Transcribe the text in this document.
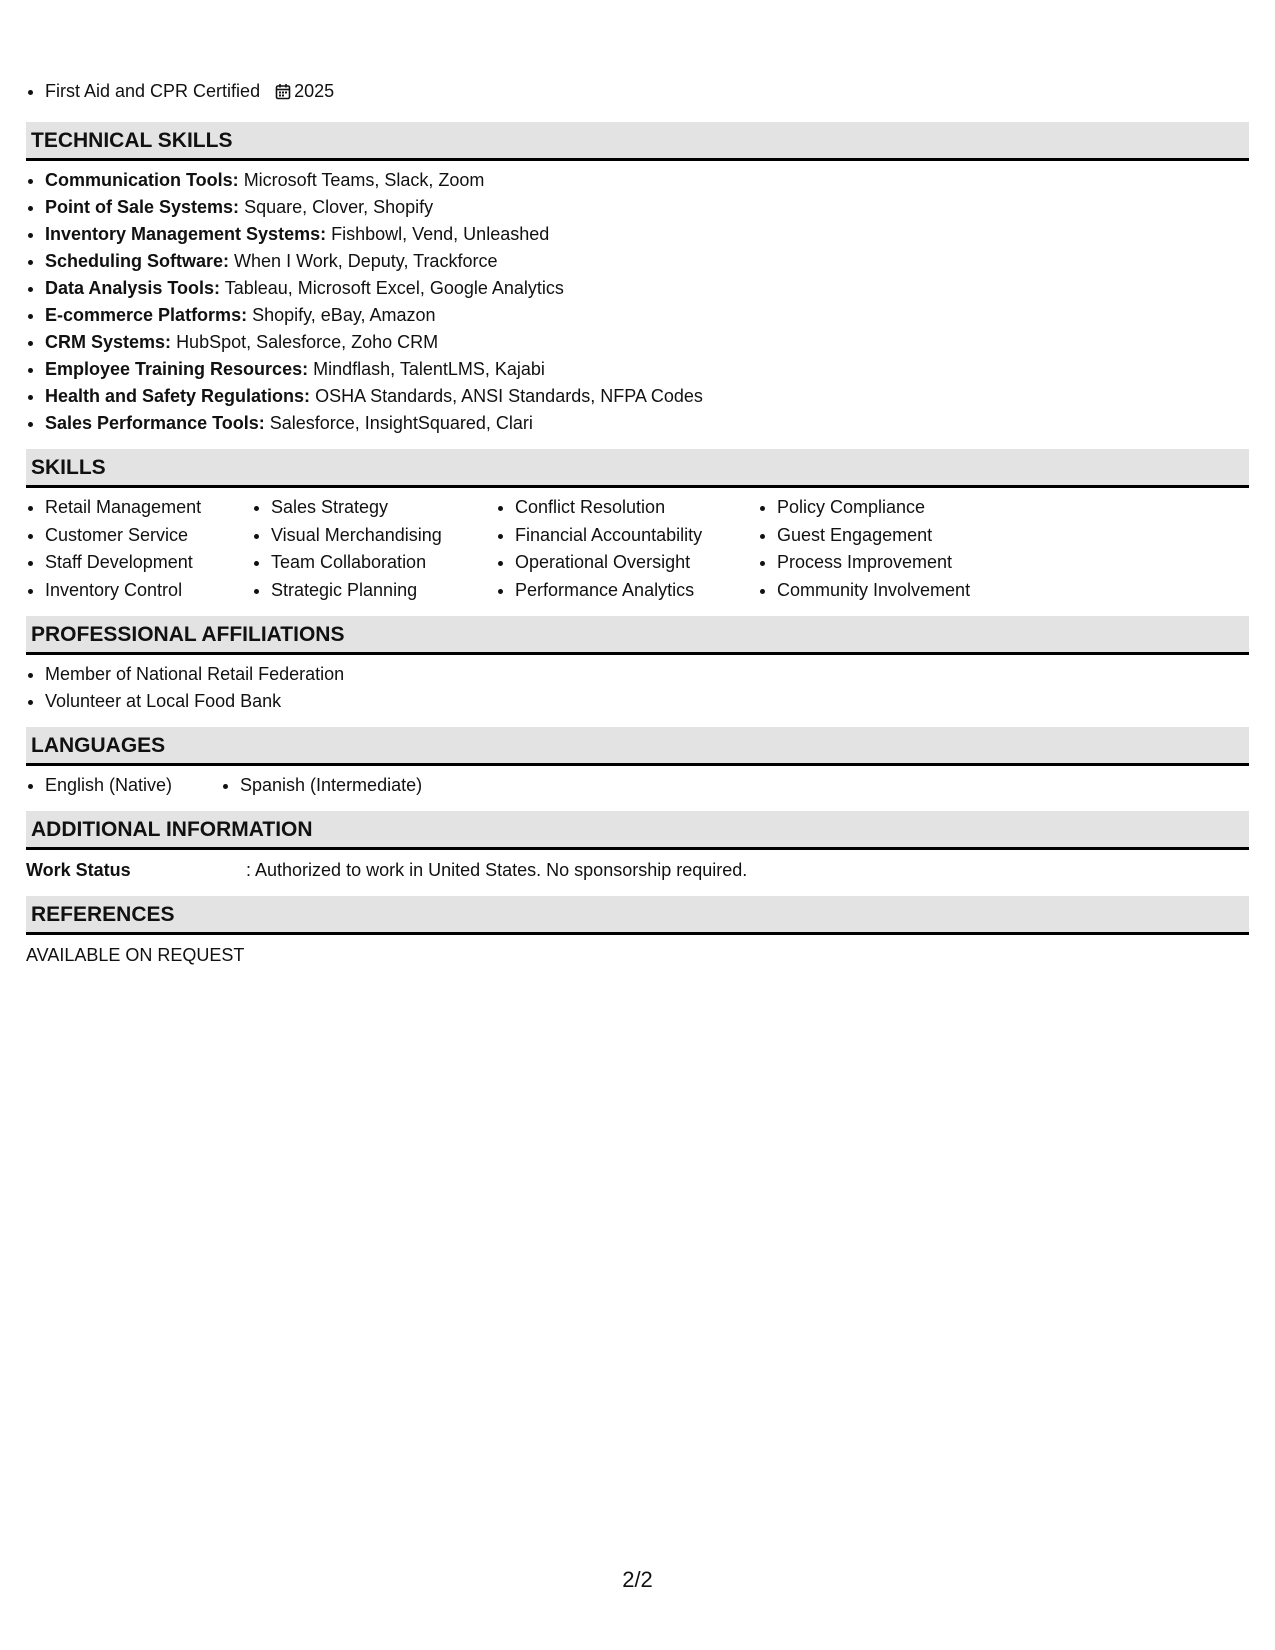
• First Aid and CPR Certified 2025
TECHNICAL SKILLS
• Communication Tools: Microsoft Teams, Slack, Zoom
• Point of Sale Systems: Square, Clover, Shopify
• Inventory Management Systems: Fishbowl, Vend, Unleashed
• Scheduling Software: When I Work, Deputy, Trackforce
• Data Analysis Tools: Tableau, Microsoft Excel, Google Analytics
• E-commerce Platforms: Shopify, eBay, Amazon
• CRM Systems: HubSpot, Salesforce, Zoho CRM
• Employee Training Resources: Mindflash, TalentLMS, Kajabi
• Health and Safety Regulations: OSHA Standards, ANSI Standards, NFPA Codes
• Sales Performance Tools: Salesforce, InsightSquared, Clari
SKILLS
• Retail Management
• Customer Service
• Staff Development
• Inventory Control
• Sales Strategy
• Visual Merchandising
• Team Collaboration
• Strategic Planning
• Conflict Resolution
• Financial Accountability
• Operational Oversight
• Performance Analytics
• Policy Compliance
• Guest Engagement
• Process Improvement
• Community Involvement
PROFESSIONAL AFFILIATIONS
• Member of National Retail Federation
• Volunteer at Local Food Bank
LANGUAGES
• English (Native)
•	Spanish (Intermediate)
ADDITIONAL INFORMATION
Work Status	: Authorized to work in United States. No sponsorship required.
REFERENCES
AVAILABLE ON REQUEST
2/2
